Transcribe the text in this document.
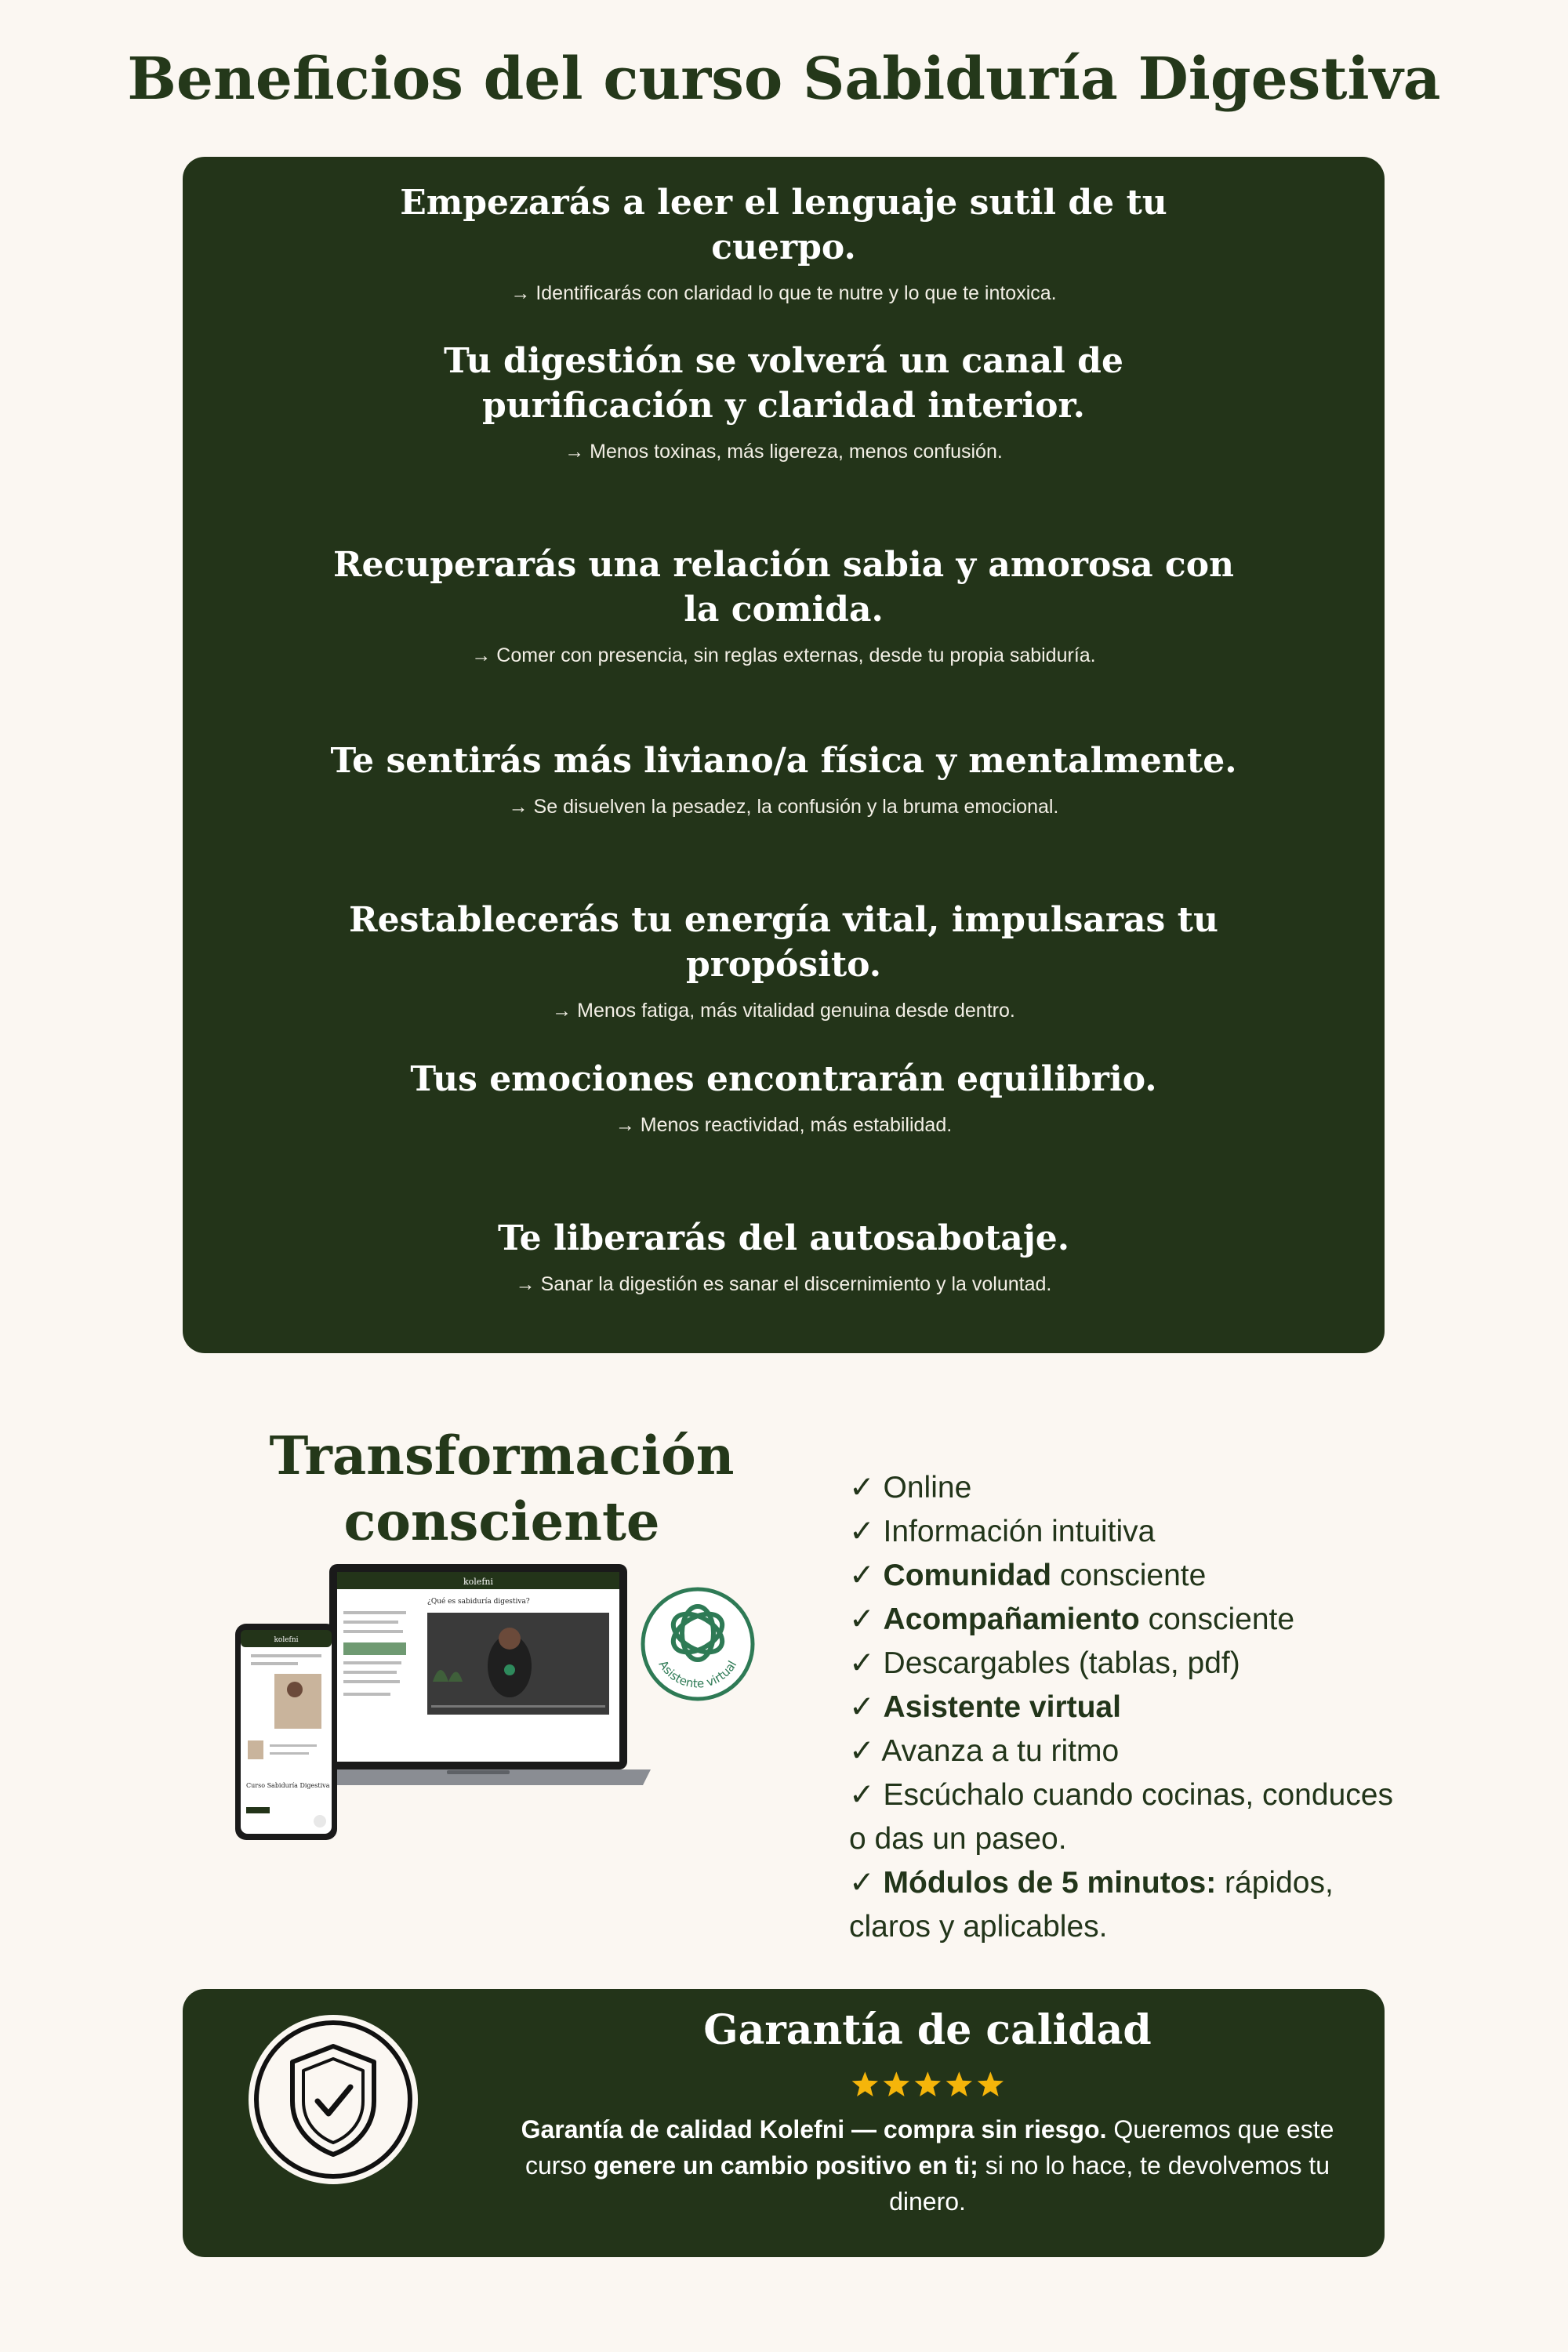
Beneficios del curso Sabiduría Digestiva
Empezarás a leer el lenguaje sutil de tu cuerpo.

→ Identificarás con claridad lo que te nutre y lo que te intoxica.

Tu digestión se volverá un canal de purificación y claridad interior.

→ Menos toxinas, más ligereza, menos confusión.

Recuperarás una relación sabia y amorosa con la comida.

→ Comer con presencia, sin reglas externas, desde tu propia sabiduría.

Te sentirás más liviano/a física y mentalmente.

→ Se disuelven la pesadez, la confusión y la bruma emocional.

Restablecerás tu energía vital, impulsaras tu propósito.

→ Menos fatiga, más vitalidad genuina desde dentro.

Tus emociones encontrarán equilibrio.

→ Menos reactividad, más estabilidad.

Te liberarás del autosabotaje.

→ Sanar la digestión es sanar el discernimiento y la voluntad.

Transformación
consciente
kolefni
¿Qué es sabiduría digestiva?
kolefni
Curso Sabiduría Digestiva
Asistente virtual
✓ Online
✓ Información intuitiva
✓ Comunidad consciente
✓ Acompañamiento consciente
✓ Descargables (tablas, pdf)
✓ Asistente virtual
✓ Avanza a tu ritmo
✓ Escúchalo cuando cocinas, conduces o das un paseo.
✓ Módulos de 5 minutos: rápidos, claros y aplicables.
Garantía de calidad

Garantía de calidad Kolefni — compra sin riesgo. Queremos que este curso genere un cambio positivo en ti; si no lo hace, te devolvemos tu dinero.
